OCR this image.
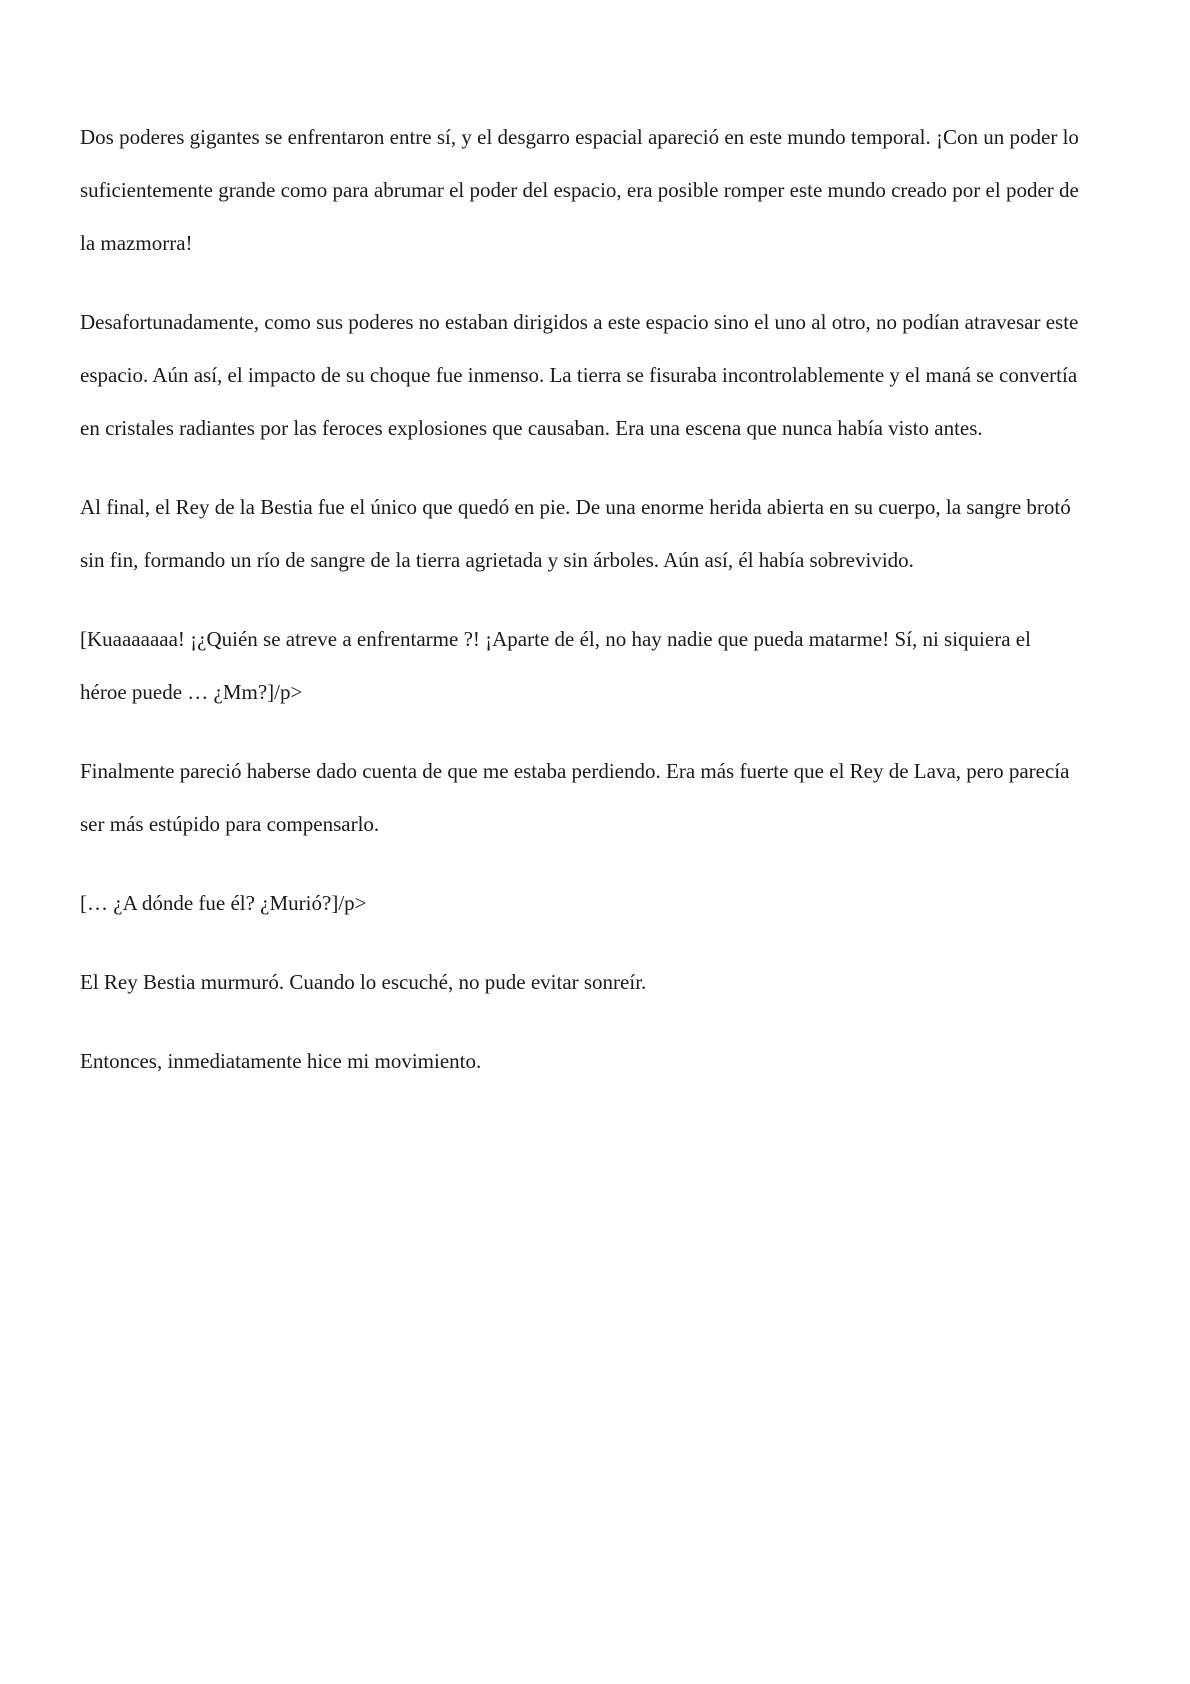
Dos poderes gigantes se enfrentaron entre sí, y el desgarro espacial apareció en este mundo temporal. ¡Con un poder lo suficientemente grande como para abrumar el poder del espacio, era posible romper este mundo creado por el poder de la mazmorra!

Desafortunadamente, como sus poderes no estaban dirigidos a este espacio sino el uno al otro, no podían atravesar este espacio. Aún así, el impacto de su choque fue inmenso. La tierra se fisuraba incontrolablemente y el maná se convertía en cristales radiantes por las feroces explosiones que causaban. Era una escena que nunca había visto antes.

Al final, el Rey de la Bestia fue el único que quedó en pie. De una enorme herida abierta en su cuerpo, la sangre brotó sin fin, formando un río de sangre de la tierra agrietada y sin árboles. Aún así, él había sobrevivido.

[Kuaaaaaaa! ¡¿Quién se atreve a enfrentarme ?! ¡Aparte de él, no hay nadie que pueda matarme! Sí, ni siquiera el héroe puede … ¿Mm?]/p>

Finalmente pareció haberse dado cuenta de que me estaba perdiendo. Era más fuerte que el Rey de Lava, pero parecía ser más estúpido para compensarlo.

[… ¿A dónde fue él? ¿Murió?]/p>

El Rey Bestia murmuró. Cuando lo escuché, no pude evitar sonreír.

Entonces, inmediatamente hice mi movimiento.
